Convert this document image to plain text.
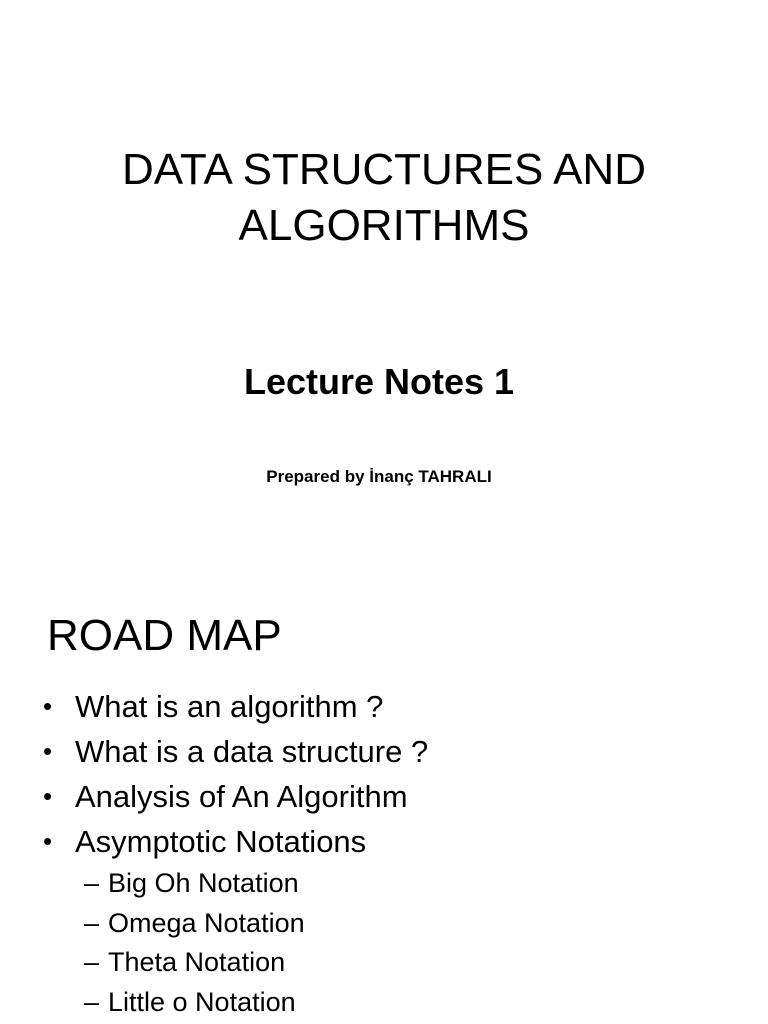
DATA STRUCTURES AND
ALGORITHMS
Lecture Notes 1

Prepared by İnanç TAHRALI

ROAD MAP
• What is an algorithm ?
• What is a data structure ?
• Analysis of An Algorithm
• Asymptotic Notations
– Big Oh Notation
– Omega Notation
– Theta Notation
– Little o Notation
